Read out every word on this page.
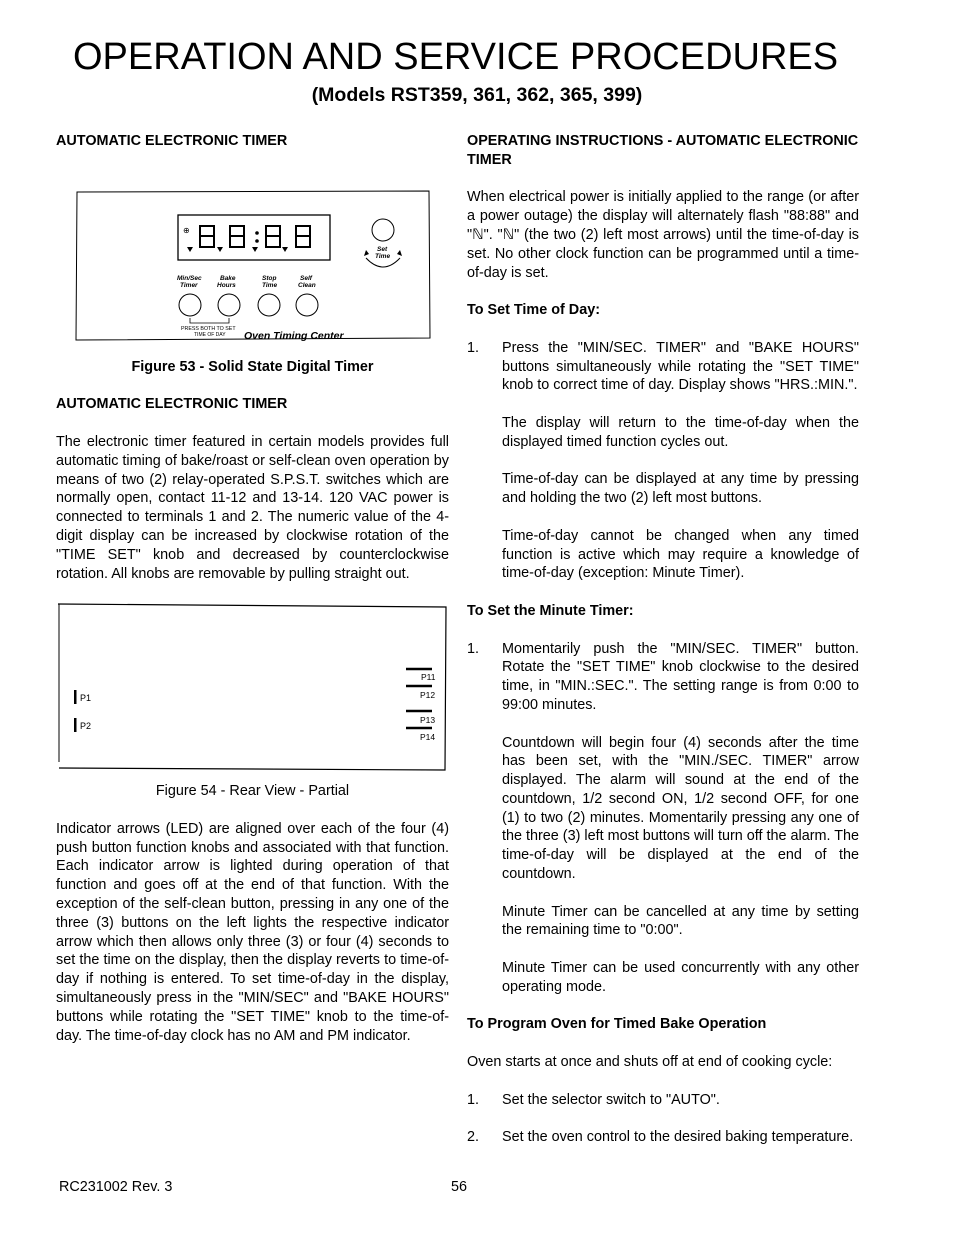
OPERATION AND SERVICE PROCEDURES
(Models RST359, 361, 362, 365, 399)
AUTOMATIC ELECTRONIC TIMER
⊕
Set
Time
Min/Sec
Timer
Bake
Hours
Stop
Time
Self
Clean
PRESS BOTH TO SET
TIME OF DAY Oven Timing Center

Figure 53 - Solid State Digital Timer

AUTOMATIC ELECTRONIC TIMER

The electronic timer featured in certain models provides full automatic timing of bake/roast or self-clean oven operation by means of two (2) relay-operated S.P.S.T. switches which are normally open, contact 11-12 and 13-14. 120 VAC power is connected to terminals 1 and 2. The numeric value of the 4-digit display can be increased by clockwise rotation of the "TIME SET" knob and decreased by counterclockwise rotation. All knobs are removable by pulling straight out.

P1
P2
P11
P12
P13
P14

Figure 54 - Rear View - Partial

Indicator arrows (LED) are aligned over each of the four (4) push button function knobs and associated with that function. Each indicator arrow is lighted during operation of that function and goes off at the end of that function. With the exception of the self-clean button, pressing in any one of the three (3) buttons on the left lights the respective indicator arrow which then allows only three (3) or four (4) seconds to set the time on the display, then the display reverts to time-of-day if nothing is entered. To set time-of-day in the display, simultaneously press in the "MIN/SEC" and "BAKE HOURS" buttons while rotating the "SET TIME" knob to the time-of-day. The time-of-day clock has no AM and PM indicator.

OPERATING INSTRUCTIONS - AUTOMATIC ELECTRONIC TIMER

When electrical power is initially applied to the range (or after a power outage) the display will alternately flash "88:88" and "ℕ". "ℕ" (the two (2) left most arrows) until the time-of-day is set. No other clock function can be programmed until a time-of-day is set.

To Set Time of Day:
1.	Press the "MIN/SEC. TIMER" and "BAKE HOURS" buttons simultaneously while rotating the "SET TIME" knob to correct time of day. Display shows "HRS.:MIN.".

The display will return to the time-of-day when the displayed timed function cycles out.

Time-of-day can be displayed at any time by pressing and holding the two (2) left most buttons.

Time-of-day cannot be changed when any timed function is active which may require a knowledge of time-of-day (exception: Minute Timer).

To Set the Minute Timer:
1.	Momentarily push the "MIN/SEC. TIMER" button. Rotate the "SET TIME" knob clockwise to the desired time, in "MIN.:SEC.". The setting range is from 0:00 to 99:00 minutes.

Countdown will begin four (4) seconds after the time has been set, with the "MIN./SEC. TIMER" arrow displayed. The alarm will sound at the end of the countdown, 1/2 second ON, 1/2 second OFF, for one (1) to two (2) minutes. Momentarily pressing any one of the three (3) left most buttons will turn off the alarm. The time-of-day will be displayed at the end of the countdown.

Minute Timer can be cancelled at any time by setting the remaining time to "0:00".

Minute Timer can be used concurrently with any other operating mode.

To Program Oven for Timed Bake Operation

Oven starts at once and shuts off at end of cooking cycle:

1.	Set the selector switch to "AUTO".
2.	Set the oven control to the desired baking temperature.
RC231002 Rev. 3	56
